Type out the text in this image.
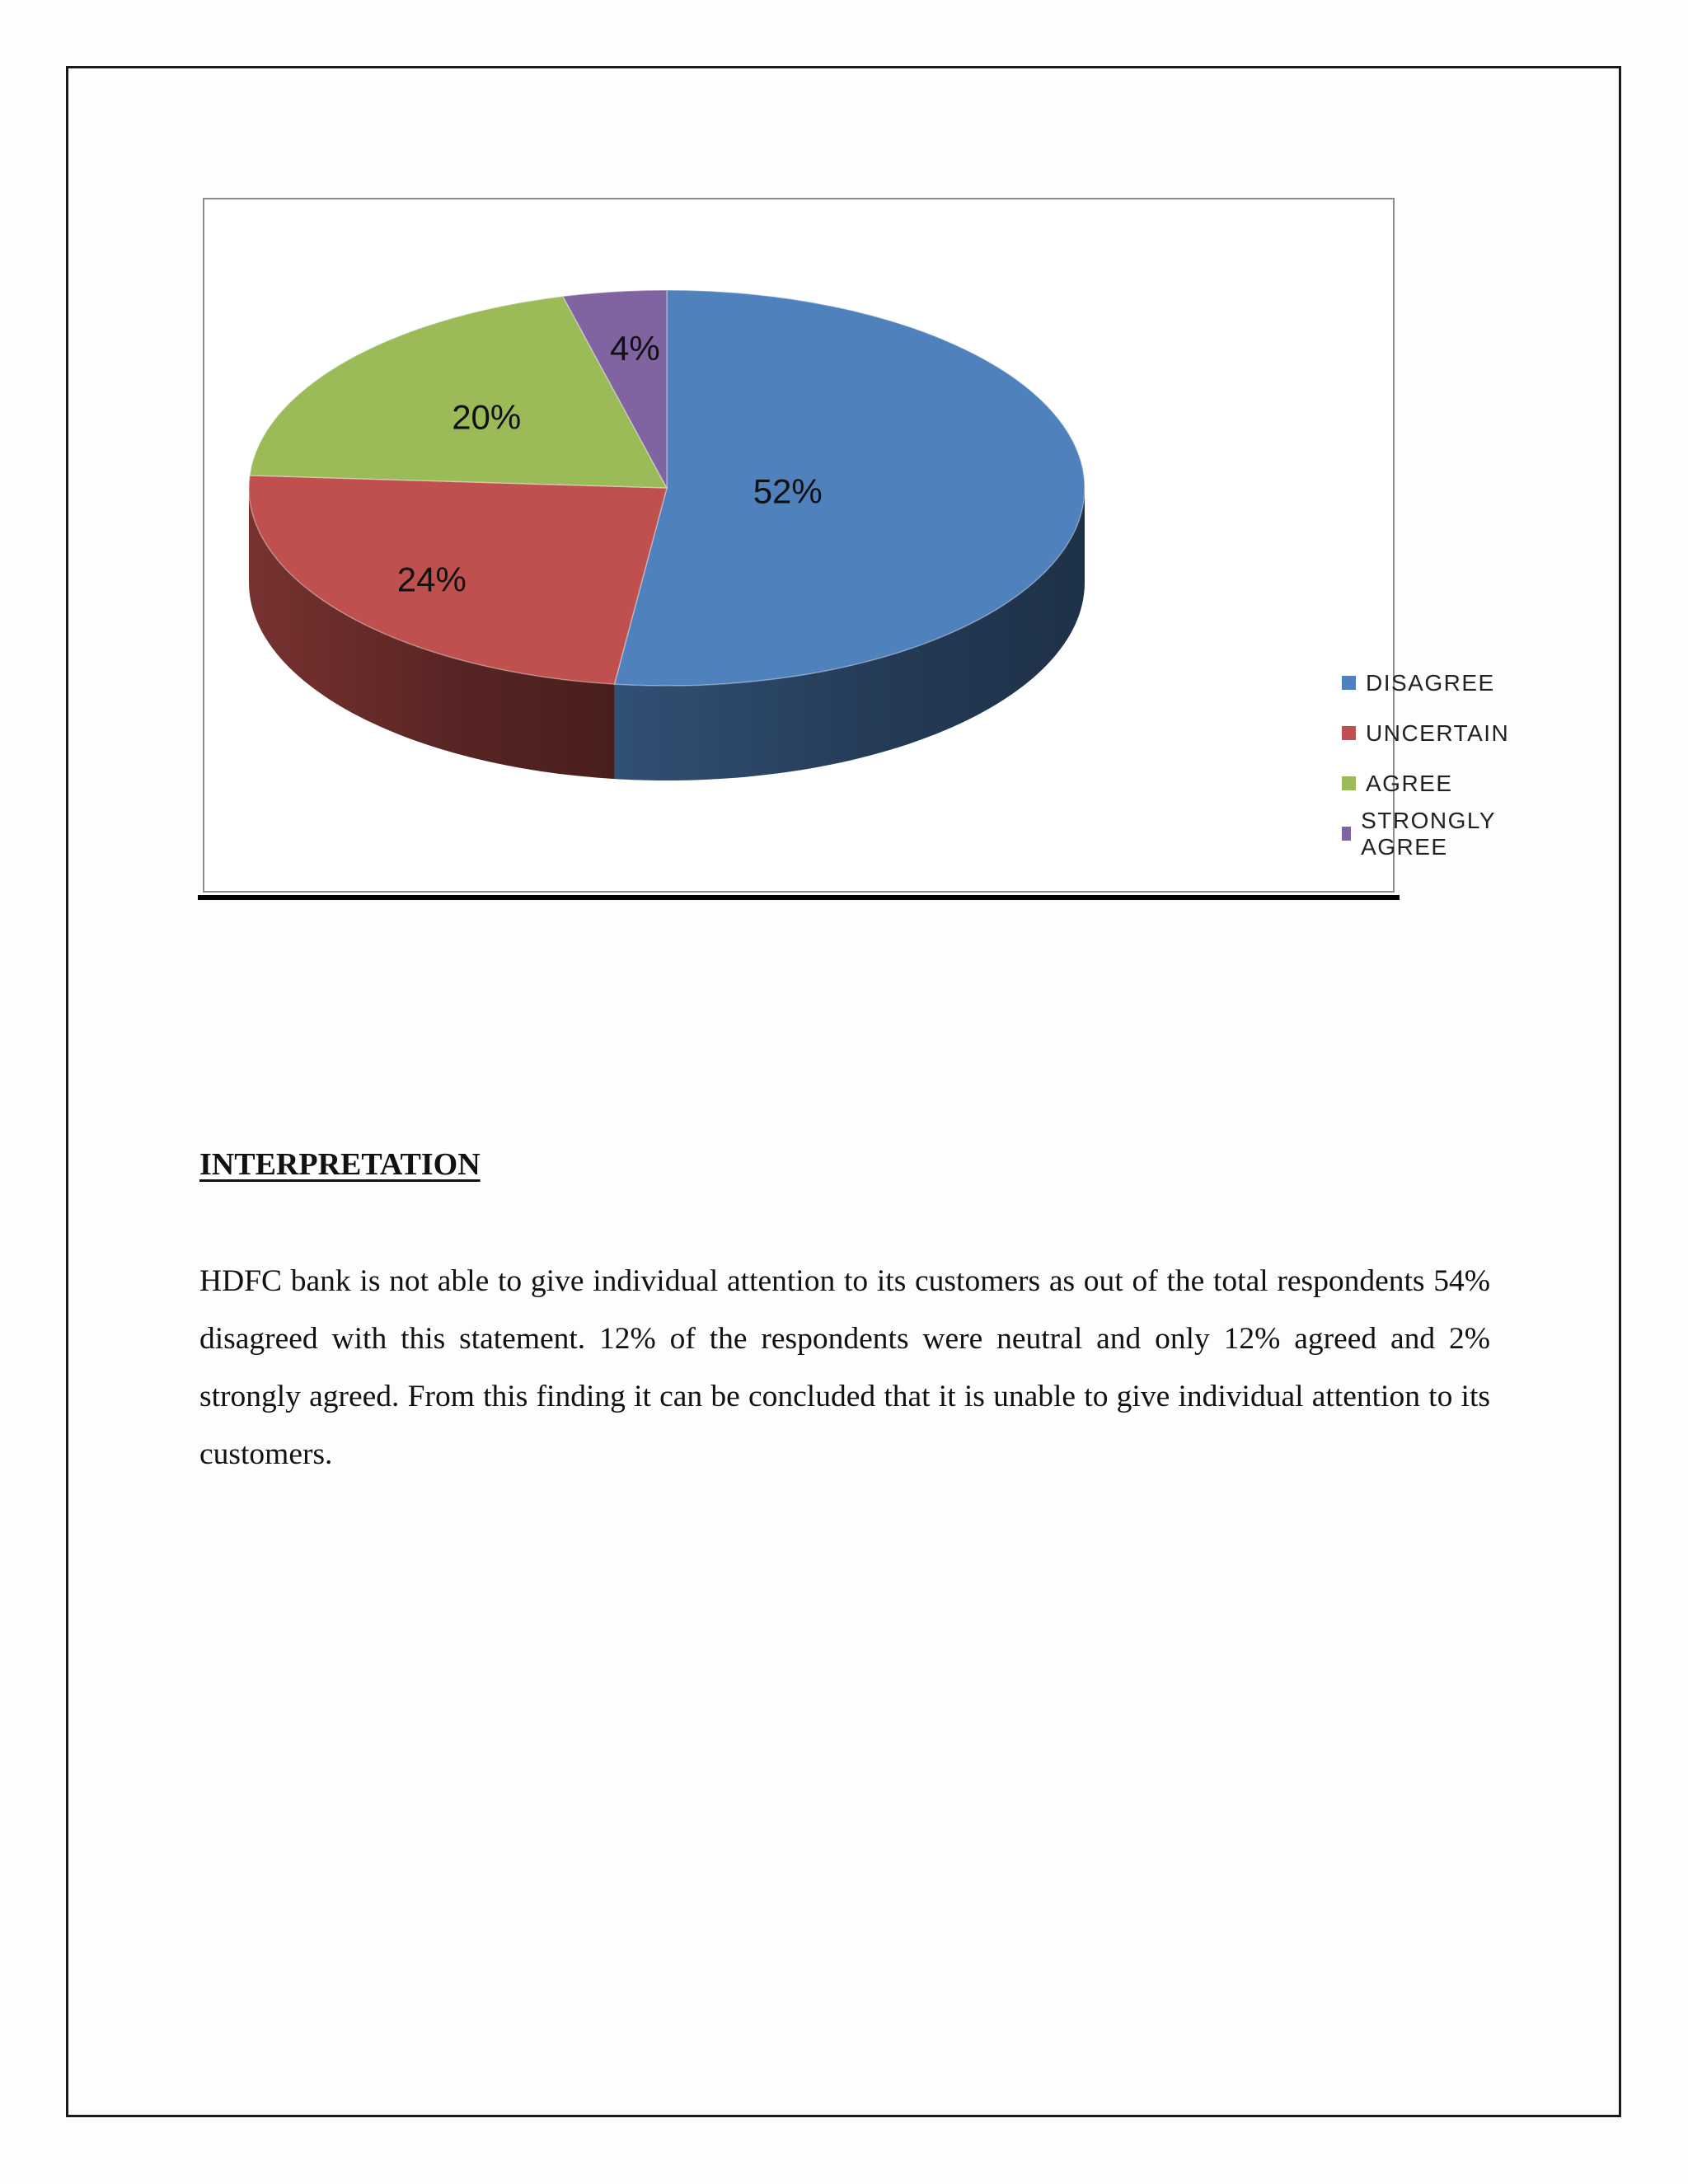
52%
24%
20%
4%
DISAGREE
UNCERTAIN
AGREE
STRONGLY AGREE
INTERPRETATION
HDFC bank is not able to give individual attention to its customers as out of the total respondents 54% disagreed with this statement. 12% of the respondents were neutral and only 12% agreed and 2% strongly agreed. From this finding it can be concluded that it is unable to give individual attention to its customers.
